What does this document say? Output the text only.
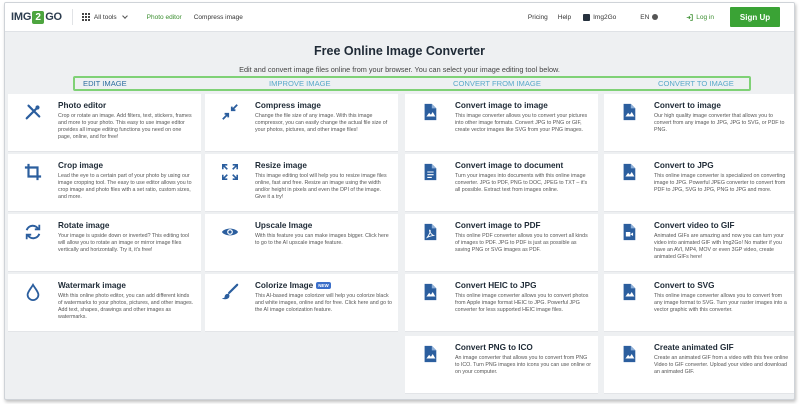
IMG 2 GO	All tools	Photo editor Compress image	Pricing Help	Img2Go	EN	Log in	Sign Up
Free Online Image Converter
Edit and convert image files online from your browser. You can select your image editing tool below.
EDIT IMAGE	IMPROVE IMAGE	CONVERT FROM IMAGE	CONVERT TO IMAGE
Photo editor

Crop or rotate an image. Add filters, text, stickers, frames and more to your photo. This easy to use image editor provides all image editing functions you need on one page, online, and for free!

Crop image

Lead the eye to a certain part of your photo by using our image cropping tool. The easy to use editor allows you to crop image and photo files with a set ratio, custom sizes, and more.

Rotate image

Your image is upside down or inverted? This editing tool will allow you to rotate an image or mirror image files vertically and horizontally. Try it, it's free!

Watermark image

With this online photo editor, you can add different kinds of watermarks to your photos, pictures, and other images. Add text, shapes, drawings and other images as watermarks.

Compress image

Change the file size of any image. With this image compressor, you can easily change the actual file size of your photos, pictures, and other image files!

Resize image

This image editing tool will help you to resize image files online, fast and free. Resize an image using the width and/or height in pixels and even the DPI of the image. Give it a try!

Upscale Image

With this feature you can make images bigger. Click here to go to the AI upscale image feature.

Colorize Image NEW

This AI-based image colorizer will help you colorize black and white images, online and for free. Click here and go to the AI image colorization feature.

Convert image to image

This image converter allows you to convert your pictures into other image formats. Convert JPG to PNG or GIF, create vector images like SVG from your PNG images.

Convert image to document

Turn your images into documents with this online image converter. JPG to PDF, PNG to DOC, JPEG to TXT – it's all possible. Extract text from images online.

Convert image to PDF

This online PDF converter allows you to convert all kinds of images to PDF. JPG to PDF is just as possible as saving PNG or SVG images as PDF.

Convert HEIC to JPG

This online image converter allows you to convert photos from Apple image format HEIC to JPG. Powerful JPG converter for less supported HEIC image files.

Convert PNG to ICO

An image converter that allows you to convert from PNG to ICO. Turn PNG images into icons you can use online or on your computer.

Convert to image

Our high quality image converter that allows you to convert from any image to JPG, JPG to SVG, or PDF to PNG.

Convert to JPG

This online image converter is specialized on converting image to JPG. Powerful JPEG converter to convert from PDF to JPG, SVG to JPG, PNG to JPG and more.

Convert video to GIF

Animated GIFs are amazing and now you can turn your video into animated GIF with Img2Go! No matter if you have an AVI, MP4, MOV or even 3GP video, create animated GIFs here!

Convert to SVG

This online image converter allows you to convert from any image format to SVG. Turn your raster images into a vector graphic with this converter.

Create animated GIF

Create an animated GIF from a video with this free online Video to GIF converter. Upload your video and download an animated GIF.
